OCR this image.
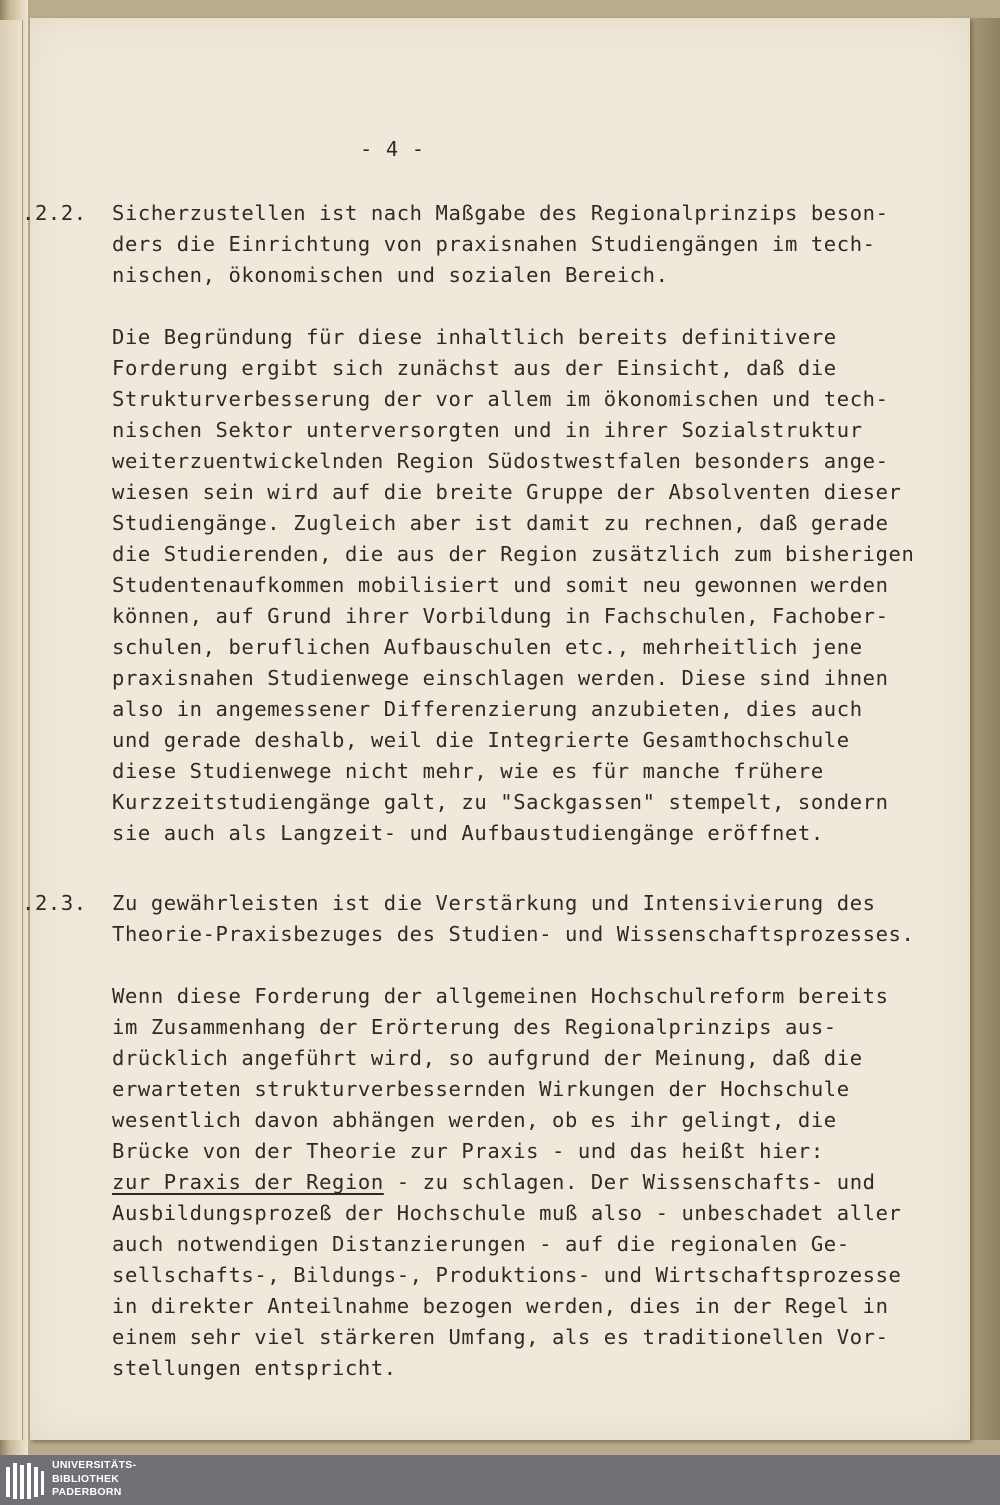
- 4 -
.2.2. Sicherzustellen ist nach Maßgabe des Regionalprinzips beson-
ders die Einrichtung von praxisnahen Studiengängen im tech-
nischen, ökonomischen und sozialen Bereich.
Die Begründung für diese inhaltlich bereits definitivere
Forderung ergibt sich zunächst aus der Einsicht, daß die
Strukturverbesserung der vor allem im ökonomischen und tech-
nischen Sektor unterversorgten und in ihrer Sozialstruktur
weiterzuentwickelnden Region Südostwestfalen besonders ange-
wiesen sein wird auf die breite Gruppe der Absolventen dieser
Studiengänge. Zugleich aber ist damit zu rechnen, daß gerade
die Studierenden, die aus der Region zusätzlich zum bisherigen
Studentenaufkommen mobilisiert und somit neu gewonnen werden
können, auf Grund ihrer Vorbildung in Fachschulen, Fachober-
schulen, beruflichen Aufbauschulen etc., mehrheitlich jene
praxisnahen Studienwege einschlagen werden. Diese sind ihnen
also in angemessener Differenzierung anzubieten, dies auch
und gerade deshalb, weil die Integrierte Gesamthochschule
diese Studienwege nicht mehr, wie es für manche frühere
Kurzzeitstudiengänge galt, zu "Sackgassen" stempelt, sondern
sie auch als Langzeit- und Aufbaustudiengänge eröffnet.
.2.3. Zu gewährleisten ist die Verstärkung und Intensivierung des
Theorie-Praxisbezuges des Studien- und Wissenschaftsprozesses.
Wenn diese Forderung der allgemeinen Hochschulreform bereits
im Zusammenhang der Erörterung des Regionalprinzips aus-
drücklich angeführt wird, so aufgrund der Meinung, daß die
erwarteten strukturverbessernden Wirkungen der Hochschule
wesentlich davon abhängen werden, ob es ihr gelingt, die
Brücke von der Theorie zur Praxis - und das heißt hier:
zur Praxis der Region - zu schlagen. Der Wissenschafts- und
Ausbildungsprozeß der Hochschule muß also - unbeschadet aller
auch notwendigen Distanzierungen - auf die regionalen Ge-
sellschafts-, Bildungs-, Produktions- und Wirtschaftsprozesse
in direkter Anteilnahme bezogen werden, dies in der Regel in
einem sehr viel stärkeren Umfang, als es traditionellen Vor-
stellungen entspricht.
UNIVERSITÄTS-
BIBLIOTHEK
PADERBORN
